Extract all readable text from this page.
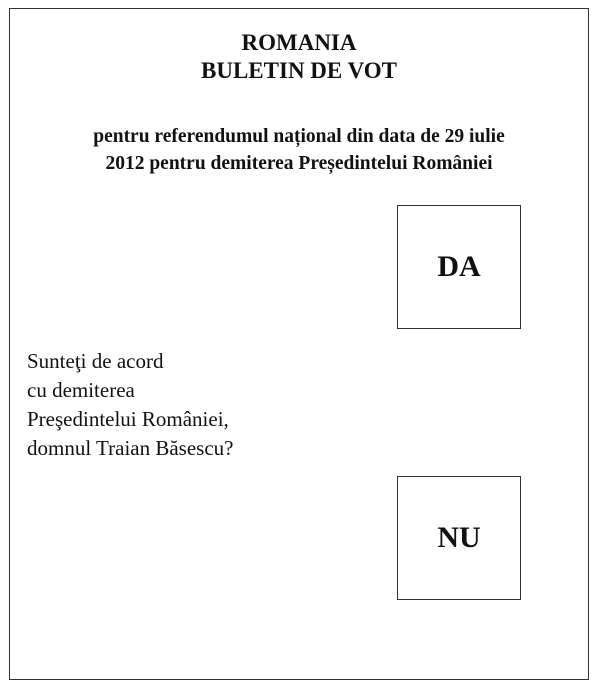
ROMANIA
BULETIN DE VOT
pentru referendumul național din data de 29 iulie
2012 pentru demiterea Președintelui României
DA
Sunteţi de acord
cu demiterea
Preşedintelui României,
domnul Traian Băsescu?
NU
